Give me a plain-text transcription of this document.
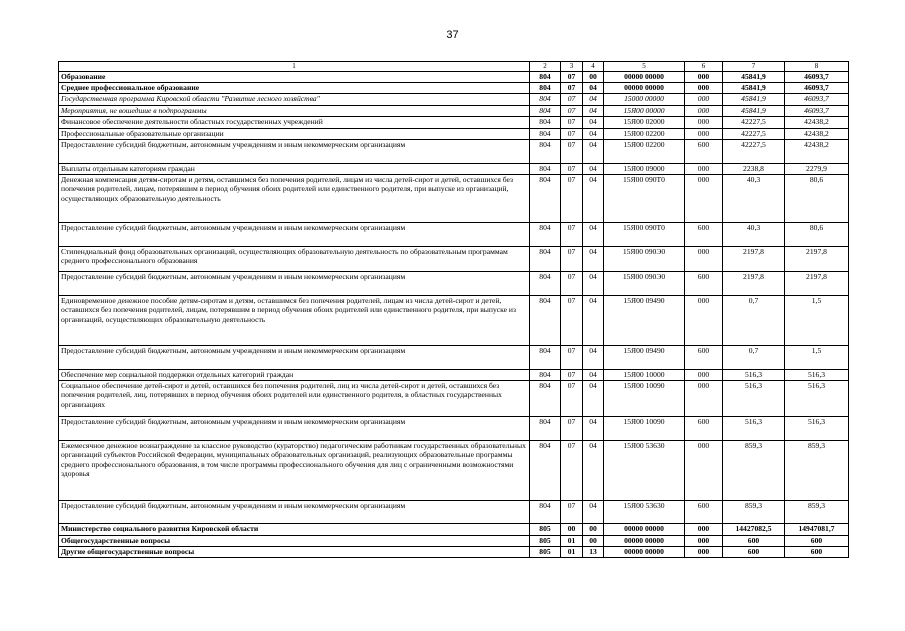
37
1	2	3	4	5	6	7	8
Образование	804	07	00	00000 00000	000	45841,9	46093,7
Среднее профессиональное образование	804	07	04	00000 00000	000	45841,9	46093,7
Государственная программа Кировской области "Развитие лесного хозяйства"	804	07	04	15000 00000	000	45841,9	46093,7
Мероприятия, не вошедшие в подпрограммы	804	07	04	15Я00 00000	000	45841,9	46093,7
Финансовое обеспечение деятельности областных государственных учреждений	804	07	04	15Я00 02000	000	42227,5	42438,2
Профессиональные образовательные организации	804	07	04	15Я00 02200	000	42227,5	42438,2
Предоставление субсидий бюджетным, автономным учреждениям и иным некоммерческим организациям	804	07	04	15Я00 02200	600	42227,5	42438,2
Выплаты отдельным категориям граждан	804	07	04	15Я00 09000	000	2238,8	2279,9
Денежная компенсация детям-сиротам и детям, оставшимся без попечения родителей, лицам из числа детей-сирот и детей, оставшихся без попечения родителей, лицам, потерявшим в период обучения обоих родителей или единственного родителя, при выпуске из организаций, осуществляющих образовательную деятельность	804	07	04	15Я00 090Т0	000	40,3	80,6
Предоставление субсидий бюджетным, автономным учреждениям и иным некоммерческим организациям	804	07	04	15Я00 090Т0	600	40,3	80,6
Стипендиальный фонд образовательных организаций, осуществляющих образовательную деятельность по образовательным программам среднего профессионального образования	804	07	04	15Я00 090Э0	000	2197,8	2197,8
Предоставление субсидий бюджетным, автономным учреждениям и иным некоммерческим организациям	804	07	04	15Я00 090Э0	600	2197,8	2197,8
Единовременное денежное пособие детям-сиротам и детям, оставшимся без попечения родителей, лицам из числа детей-сирот и детей, оставшихся без попечения родителей, лицам, потерявшим в период обучения обоих родителей или единственного родителя, при выпуске из организаций, осуществляющих образовательную деятельность	804	07	04	15Я00 09490	000	0,7	1,5
Предоставление субсидий бюджетным, автономным учреждениям и иным некоммерческим организациям	804	07	04	15Я00 09490	600	0,7	1,5
Обеспечение мер социальной поддержки отдельных категорий граждан	804	07	04	15Я00 10000	000	516,3	516,3
Социальное обеспечение детей-сирот и детей, оставшихся без попечения родителей, лиц из числа детей-сирот и детей, оставшихся без попечения родителей, лиц, потерявших в период обучения обоих родителей или единственного родителя, в областных государственных организациях	804	07	04	15Я00 10090	000	516,3	516,3
Предоставление субсидий бюджетным, автономным учреждениям и иным некоммерческим организациям	804	07	04	15Я00 10090	600	516,3	516,3
Ежемесячное денежное вознаграждение за классное руководство (кураторство) педагогическим работникам государственных образовательных организаций субъектов Российской Федерации, муниципальных образовательных организаций, реализующих образовательные программы среднего профессионального образования, в том числе программы профессионального обучения для лиц с ограниченными возможностями здоровья	804	07	04	15Я00 53630	000	859,3	859,3
Предоставление субсидий бюджетным, автономным учреждениям и иным некоммерческим организациям	804	07	04	15Я00 53630	600	859,3	859,3
Министерство социального развития Кировской области	805	00	00	00000 00000	000	14427082,5	14947081,7
Общегосударственные вопросы	805	01	00	00000 00000	000	600	600
Другие общегосударственные вопросы	805	01	13	00000 00000	000	600	600
